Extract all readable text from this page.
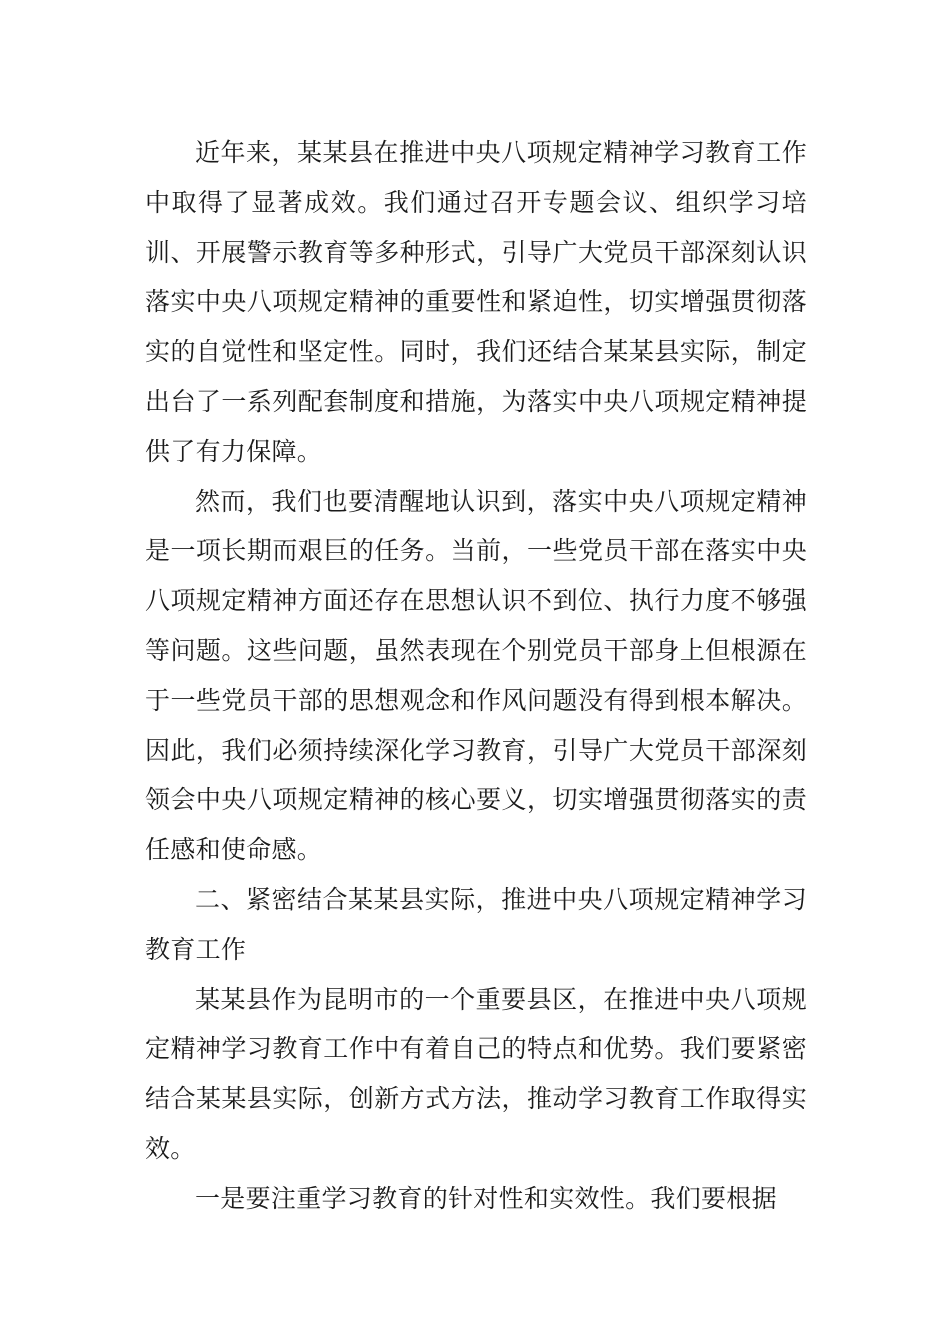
近年来，某某县在推进中央八项规定精神学习教育工作中取得了显著成效。我们通过召开专题会议、组织学习培训、开展警示教育等多种形式，引导广大党员干部深刻认识落实中央八项规定精神的重要性和紧迫性，切实增强贯彻落实的自觉性和坚定性。同时，我们还结合某某县实际，制定出台了一系列配套制度和措施，为落实中央八项规定精神提供了有力保障。

然而，我们也要清醒地认识到，落实中央八项规定精神是一项长期而艰巨的任务。当前，一些党员干部在落实中央八项规定精神方面还存在思想认识不到位、执行力度不够强等问题。这些问题，虽然表现在个别党员干部身上但根源在于一些党员干部的思想观念和作风问题没有得到根本解决。因此，我们必须持续深化学习教育，引导广大党员干部深刻领会中央八项规定精神的核心要义，切实增强贯彻落实的责任感和使命感。

二、紧密结合某某县实际，推进中央八项规定精神学习教育工作

某某县作为昆明市的一个重要县区，在推进中央八项规定精神学习教育工作中有着自己的特点和优势。我们要紧密结合某某县实际，创新方式方法，推动学习教育工作取得实效。

一是要注重学习教育的针对性和实效性。我们要根据
